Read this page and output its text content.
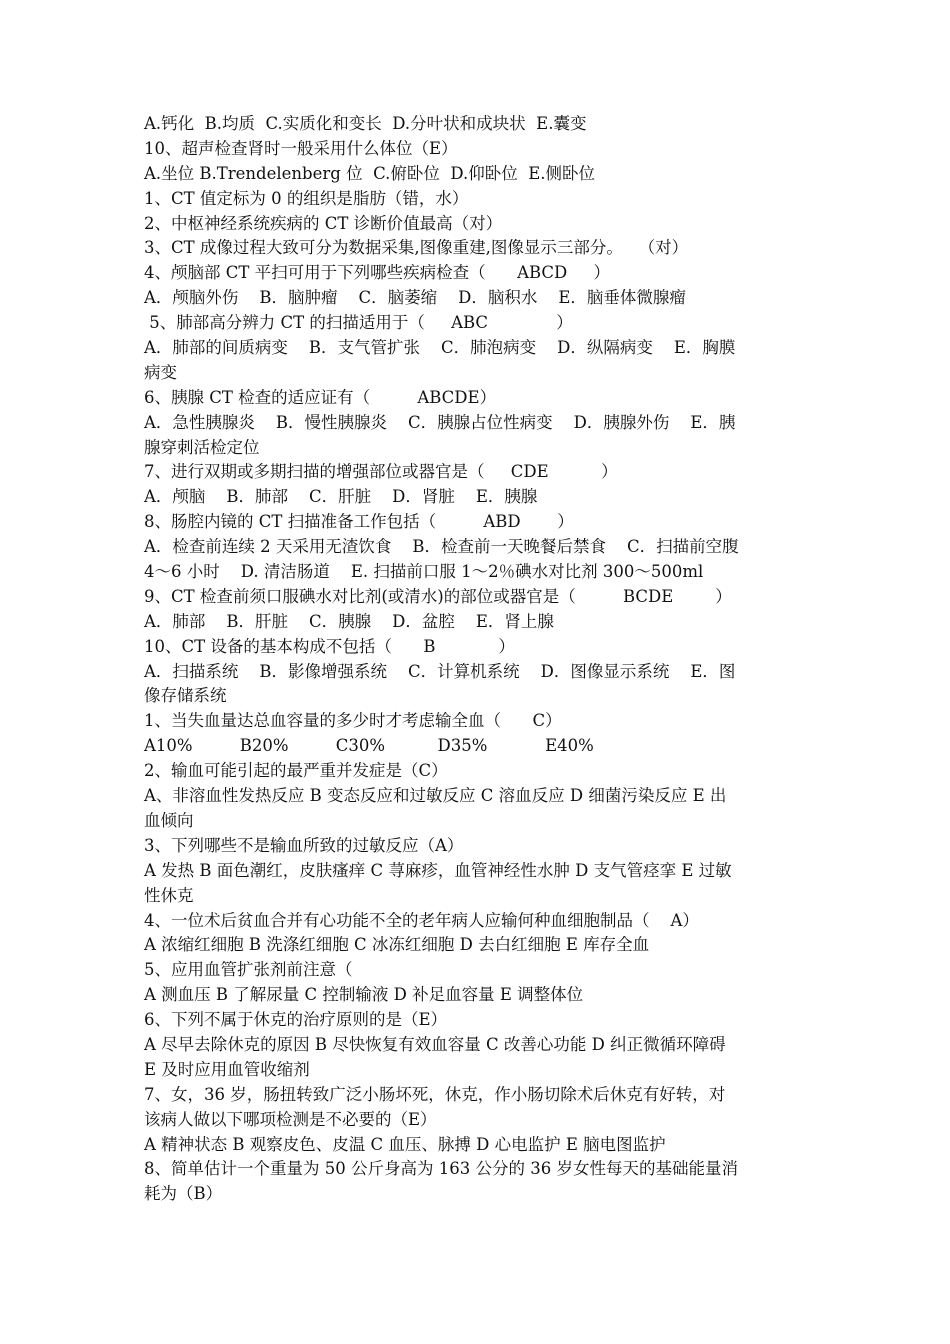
A.钙化  B.均质  C.实质化和变长  D.分叶状和成块状  E.囊变

10、超声检查肾时一般采用什么体位（E）

A.坐位 B.Trendelenberg 位  C.俯卧位  D.仰卧位  E.侧卧位

1、CT 值定标为 0 的组织是脂肪（错，水）

2、中枢神经系统疾病的 CT 诊断价值最高（对）

3、CT 成像过程大致可分为数据采集,图像重建,图像显示三部分。   （对）

4、颅脑部 CT 平扫可用于下列哪些疾病检查（      ABCD     ）

A．颅脑外伤    B．脑肿瘤    C．脑萎缩    D．脑积水    E．脑垂体微腺瘤

5、肺部高分辨力 CT 的扫描适用于（     ABC             ）

A．肺部的间质病变    B．支气管扩张    C．肺泡病变    D．纵隔病变    E．胸膜

病变

6、胰腺 CT 检查的适应证有（         ABCDE）

A．急性胰腺炎    B．慢性胰腺炎    C．胰腺占位性病变    D．胰腺外伤    E．胰

腺穿刺活检定位

7、进行双期或多期扫描的增强部位或器官是（     CDE          ）

A．颅脑    B．肺部    C．肝脏    D．肾脏    E．胰腺

8、肠腔内镜的 CT 扫描准备工作包括（         ABD       ）

A．检查前连续 2 天采用无渣饮食    B．检查前一天晚餐后禁食    C．扫描前空腹

4～6 小时    D. 清洁肠道    E. 扫描前口服 1～2％碘水对比剂 300～500ml

9、CT 检查前须口服碘水对比剂(或清水)的部位或器官是（         BCDE        ）

A．肺部    B．肝脏    C．胰腺    D．盆腔    E．肾上腺

10、CT 设备的基本构成不包括（      B            ）

A．扫描系统    B．影像增强系统    C．计算机系统    D．图像显示系统    E．图

像存储系统

1、当失血量达总血容量的多少时才考虑输全血（      C）

A10%         B20%         C30%          D35%           E40%

2、输血可能引起的最严重并发症是（C）

A、非溶血性发热反应 B 变态反应和过敏反应 C 溶血反应 D 细菌污染反应 E 出

血倾向

3、下列哪些不是输血所致的过敏反应（A）

A 发热 B 面色潮红，皮肤瘙痒 C 荨麻疹，血管神经性水肿 D 支气管痉挛 E 过敏

性休克

4、一位术后贫血合并有心功能不全的老年病人应输何种血细胞制品（    A）

A 浓缩红细胞 B 洗涤红细胞 C 冰冻红细胞 D 去白红细胞 E 库存全血

5、应用血管扩张剂前注意（

A 测血压 B 了解尿量 C 控制输液 D 补足血容量 E 调整体位

6、下列不属于休克的治疗原则的是（E）

A 尽早去除休克的原因 B 尽快恢复有效血容量 C 改善心功能 D 纠正微循环障碍

E 及时应用血管收缩剂

7、女，36 岁，肠扭转致广泛小肠坏死，休克，作小肠切除术后休克有好转，对

该病人做以下哪项检测是不必要的（E）

A 精神状态 B 观察皮色、皮温 C 血压、脉搏 D 心电监护 E 脑电图监护

8、简单估计一个重量为 50 公斤身高为 163 公分的 36 岁女性每天的基础能量消

耗为（B）
